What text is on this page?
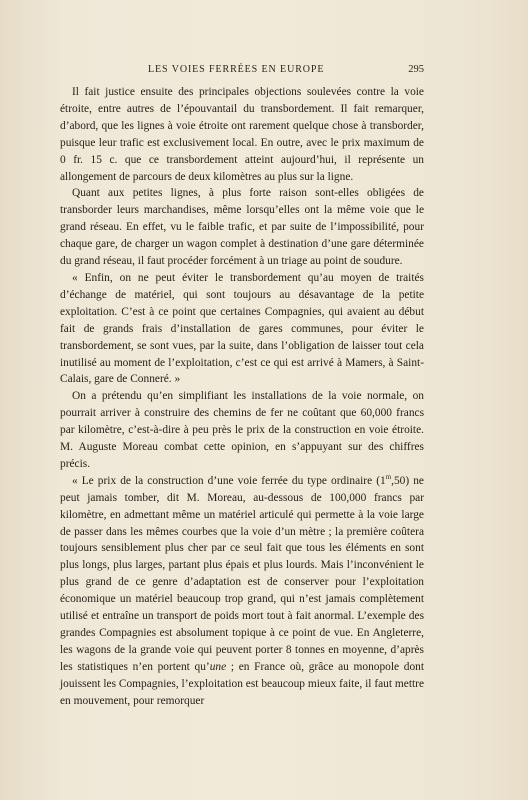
LES VOIES FERRÉES EN EUROPE	295

Il fait justice ensuite des principales objections soulevées contre la voie étroite, entre autres de l’épouvantail du transbordement. Il fait remarquer, d’abord, que les lignes à voie étroite ont rarement quelque chose à transborder, puisque leur trafic est exclusivement local. En outre, avec le prix maximum de 0 fr. 15 c. que ce transbordement atteint aujourd’hui, il représente un allongement de parcours de deux kilomètres au plus sur la ligne.

Quant aux petites lignes, à plus forte raison sont-elles obligées de transborder leurs marchandises, même lorsqu’elles ont la même voie que le grand réseau. En effet, vu le faible trafic, et par suite de l’impossibilité, pour chaque gare, de charger un wagon complet à destination d’une gare déterminée du grand réseau, il faut procéder forcément à un triage au point de soudure.

« Enfin, on ne peut éviter le transbordement qu’au moyen de traités d’échange de matériel, qui sont toujours au désavantage de la petite exploitation. C’est à ce point que certaines Compagnies, qui avaient au début fait de grands frais d’installation de gares communes, pour éviter le transbordement, se sont vues, par la suite, dans l’obligation de laisser tout cela inutilisé au moment de l’exploitation, c’est ce qui est arrivé à Mamers, à Saint-Calais, gare de Conneré. »

On a prétendu qu’en simplifiant les installations de la voie normale, on pourrait arriver à construire des chemins de fer ne coûtant que 60,000 francs par kilomètre, c’est-à-dire à peu près le prix de la construction en voie étroite. M. Auguste Moreau combat cette opinion, en s’appuyant sur des chiffres précis.

« Le prix de la construction d’une voie ferrée du type ordinaire (1$^m$,50) ne peut jamais tomber, dit M. Moreau, au-dessous de 100,000 francs par kilomètre, en admettant même un matériel articulé qui permette à la voie large de passer dans les mêmes courbes que la voie d’un mètre ; la première coûtera toujours sensiblement plus cher par ce seul fait que tous les éléments en sont plus longs, plus larges, partant plus épais et plus lourds. Mais l’inconvénient le plus grand de ce genre d’adaptation est de conserver pour l’exploitation économique un matériel beaucoup trop grand, qui n’est jamais complètement utilisé et entraîne un transport de poids mort tout à fait anormal. L’exemple des grandes Compagnies est absolument topique à ce point de vue. En Angleterre, les wagons de la grande voie qui peuvent porter 8 tonnes en moyenne, d’après les statistiques n’en portent qu’une ; en France où, grâce au monopole dont jouissent les Compagnies, l’exploitation est beaucoup mieux faite, il faut mettre en mouvement, pour remorquer
